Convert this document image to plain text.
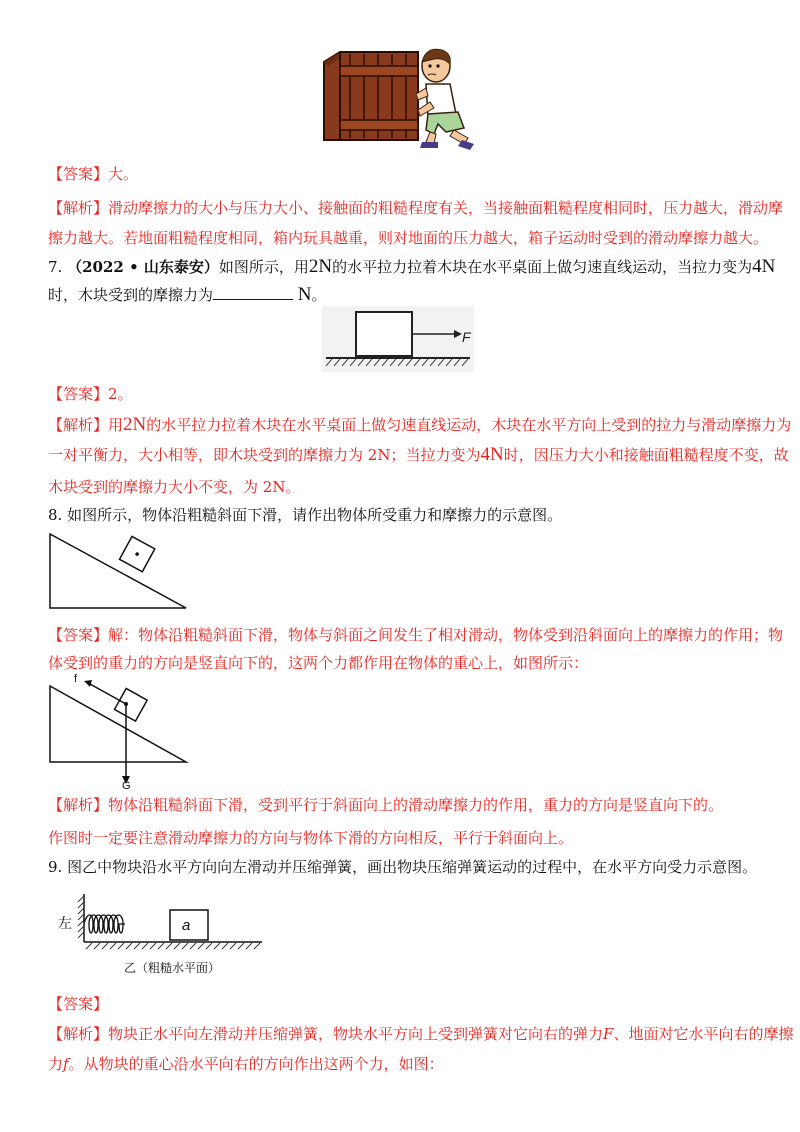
【答案】大。
【解析】滑动摩擦力的大小与压力大小、接触面的粗糙程度有关，当接触面粗糙程度相同时，压力越大，滑动摩
擦力越大。若地面粗糙程度相同，箱内玩具越重，则对地面的压力越大，箱子运动时受到的滑动摩擦力越大。
7. （2022 • 山东泰安）如图所示，用2N的水平拉力拉着木块在水平桌面上做匀速直线运动，当拉力变为4N
时，木块受到的摩擦力为	N。
F
【答案】2。
【解析】用2N的水平拉力拉着木块在水平桌面上做匀速直线运动，木块在水平方向上受到的拉力与滑动摩擦力为
一对平衡力，大小相等，即木块受到的摩擦力为 2N；当拉力变为4N时，因压力大小和接触面粗糙程度不变，故
木块受到的摩擦力大小不变，为 2N。
8. 如图所示，物体沿粗糙斜面下滑，请作出物体所受重力和摩擦力的示意图。
【答案】解：物体沿粗糙斜面下滑，物体与斜面之间发生了相对滑动，物体受到沿斜面向上的摩擦力的作用；物
体受到的重力的方向是竖直向下的，这两个力都作用在物体的重心上，如图所示：
f
G
【解析】物体沿粗糙斜面下滑，受到平行于斜面向上的滑动摩擦力的作用，重力的方向是竖直向下的。
作图时一定要注意滑动摩擦力的方向与物体下滑的方向相反，平行于斜面向上。
9. 图乙中物块沿水平方向向左滑动并压缩弹簧，画出物块压缩弹簧运动的过程中，在水平方向受力示意图。
左	a
乙（粗糙水平面）
【答案】
【解析】物块正水平向左滑动并压缩弹簧，物块水平方向上受到弹簧对它向右的弹力F、地面对它水平向右的摩擦
力f。从物块的重心沿水平向右的方向作出这两个力，如图：
